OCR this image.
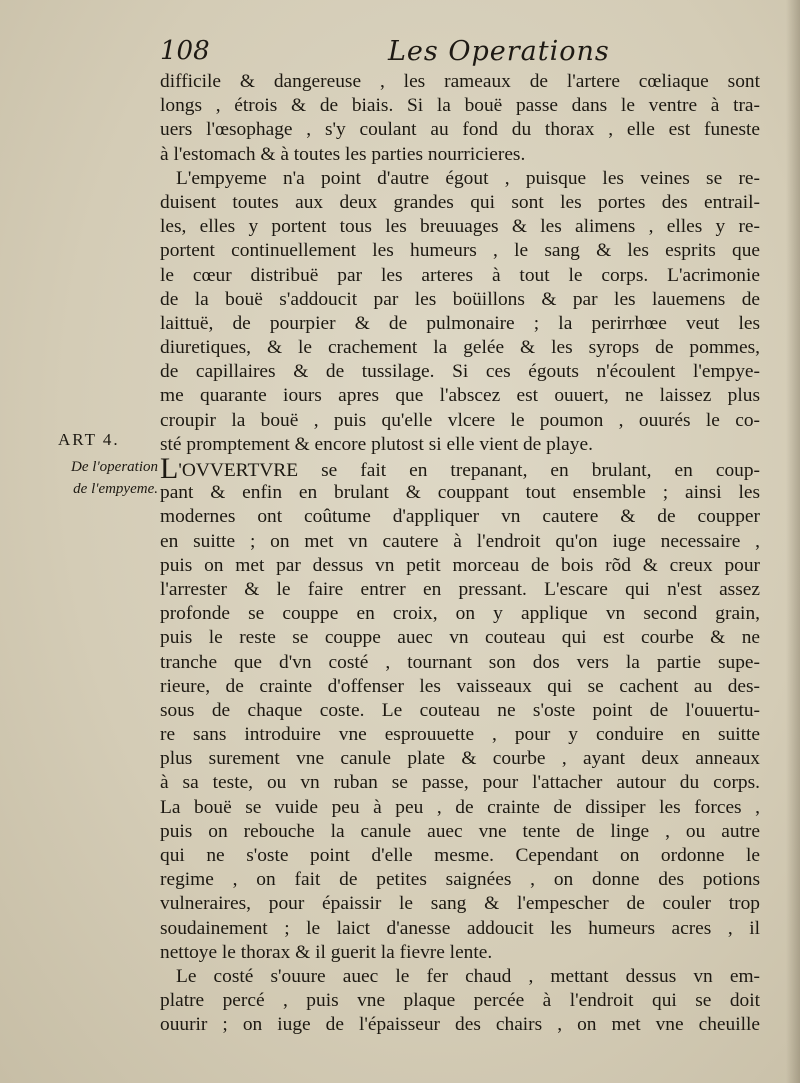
108	Les Operations
ART 4.
De l'operation
de l'empyeme.
difficile & dangereuse , les rameaux de l'artere cœliaque sont
longs , étrois & de biais. Si la bouë passe dans le ventre à tra-
uers l'œsophage , s'y coulant au fond du thorax , elle est funeste
à l'estomach & à toutes les parties nourricieres.
L'empyeme n'a point d'autre égout , puisque les veines se re-
duisent toutes aux deux grandes qui sont les portes des entrail-
les, elles y portent tous les breuuages & les alimens , elles y re-
portent continuellement les humeurs , le sang & les esprits que
le cœur distribuë par les arteres à tout le corps. L'acrimonie
de la bouë s'addoucit par les boüillons & par les lauemens de
laittuë, de pourpier & de pulmonaire ; la perirrhœe veut les
diuretiques, & le crachement la gelée & les syrops de pommes,
de capillaires & de tussilage. Si ces égouts n'écoulent l'empye-
me quarante iours apres que l'abscez est ouuert, ne laissez plus
croupir la bouë , puis qu'elle vlcere le poumon , ouurés le co-
sté promptement & encore plutost si elle vient de playe.
L'OVVERTVRE se fait en trepanant, en brulant, en coup-
pant & enfin en brulant & couppant tout ensemble ; ainsi les
modernes ont coûtume d'appliquer vn cautere & de coupper
en suitte ; on met vn cautere à l'endroit qu'on iuge necessaire ,
puis on met par dessus vn petit morceau de bois rõd & creux pour
l'arrester & le faire entrer en pressant. L'escare qui n'est assez
profonde se couppe en croix, on y applique vn second grain,
puis le reste se couppe auec vn couteau qui est courbe & ne
tranche que d'vn costé , tournant son dos vers la partie supe-
rieure, de crainte d'offenser les vaisseaux qui se cachent au des-
sous de chaque coste. Le couteau ne s'oste point de l'ouuertu-
re sans introduire vne esprouuette , pour y conduire en suitte
plus surement vne canule plate & courbe , ayant deux anneaux
à sa teste, ou vn ruban se passe, pour l'attacher autour du corps.
La bouë se vuide peu à peu , de crainte de dissiper les forces ,
puis on rebouche la canule auec vne tente de linge , ou autre
qui ne s'oste point d'elle mesme. Cependant on ordonne le
regime , on fait de petites saignées , on donne des potions
vulneraires, pour épaissir le sang & l'empescher de couler trop
soudainement ; le laict d'anesse addoucit les humeurs acres , il
nettoye le thorax & il guerit la fievre lente.
Le costé s'ouure auec le fer chaud , mettant dessus vn em-
platre percé , puis vne plaque percée à l'endroit qui se doit
ouurir ; on iuge de l'épaisseur des chairs , on met vne cheuille
